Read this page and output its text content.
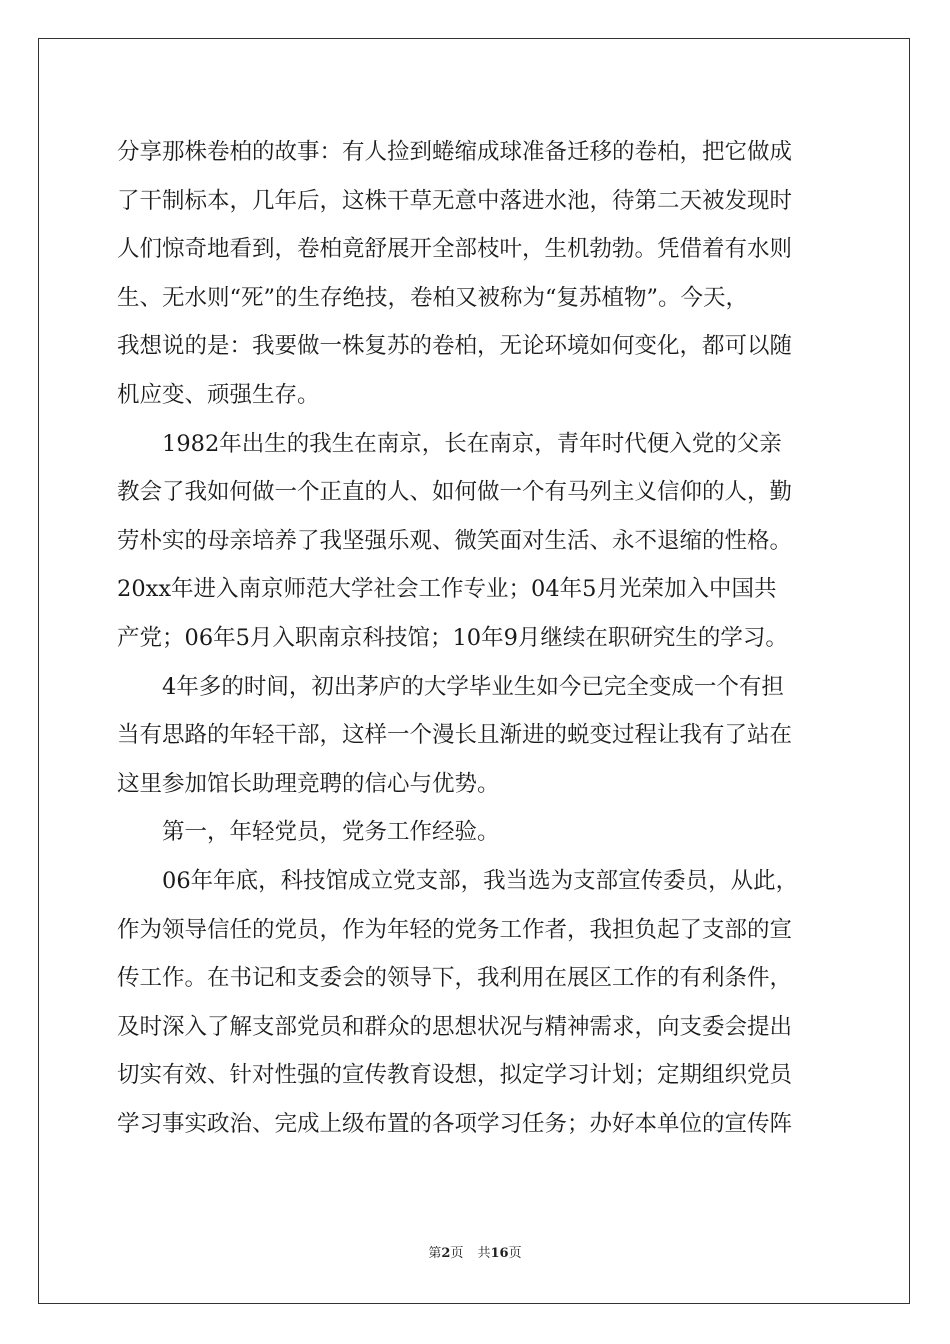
分享那株卷柏的故事：有人捡到蜷缩成球准备迁移的卷柏，把它做成
了干制标本，几年后，这株干草无意中落进水池，待第二天被发现时
人们惊奇地看到，卷柏竟舒展开全部枝叶，生机勃勃。凭借着有水则
生、无水则“死”的生存绝技，卷柏又被称为“复苏植物”。今天，
我想说的是：我要做一株复苏的卷柏，无论环境如何变化，都可以随
机应变、顽强生存。
1982年出生的我生在南京，长在南京，青年时代便入党的父亲
教会了我如何做一个正直的人、如何做一个有马列主义信仰的人，勤
劳朴实的母亲培养了我坚强乐观、微笑面对生活、永不退缩的性格。
20xx年进入南京师范大学社会工作专业；04年5月光荣加入中国共
产党；06年5月入职南京科技馆；10年9月继续在职研究生的学习。
4年多的时间，初出茅庐的大学毕业生如今已完全变成一个有担
当有思路的年轻干部，这样一个漫长且渐进的蜕变过程让我有了站在
这里参加馆长助理竞聘的信心与优势。
第一，年轻党员，党务工作经验。
06年年底，科技馆成立党支部，我当选为支部宣传委员，从此，
作为领导信任的党员，作为年轻的党务工作者，我担负起了支部的宣
传工作。在书记和支委会的领导下，我利用在展区工作的有利条件，
及时深入了解支部党员和群众的思想状况与精神需求，向支委会提出
切实有效、针对性强的宣传教育设想，拟定学习计划；定期组织党员
学习事实政治、完成上级布置的各项学习任务；办好本单位的宣传阵
第2页 共16页
